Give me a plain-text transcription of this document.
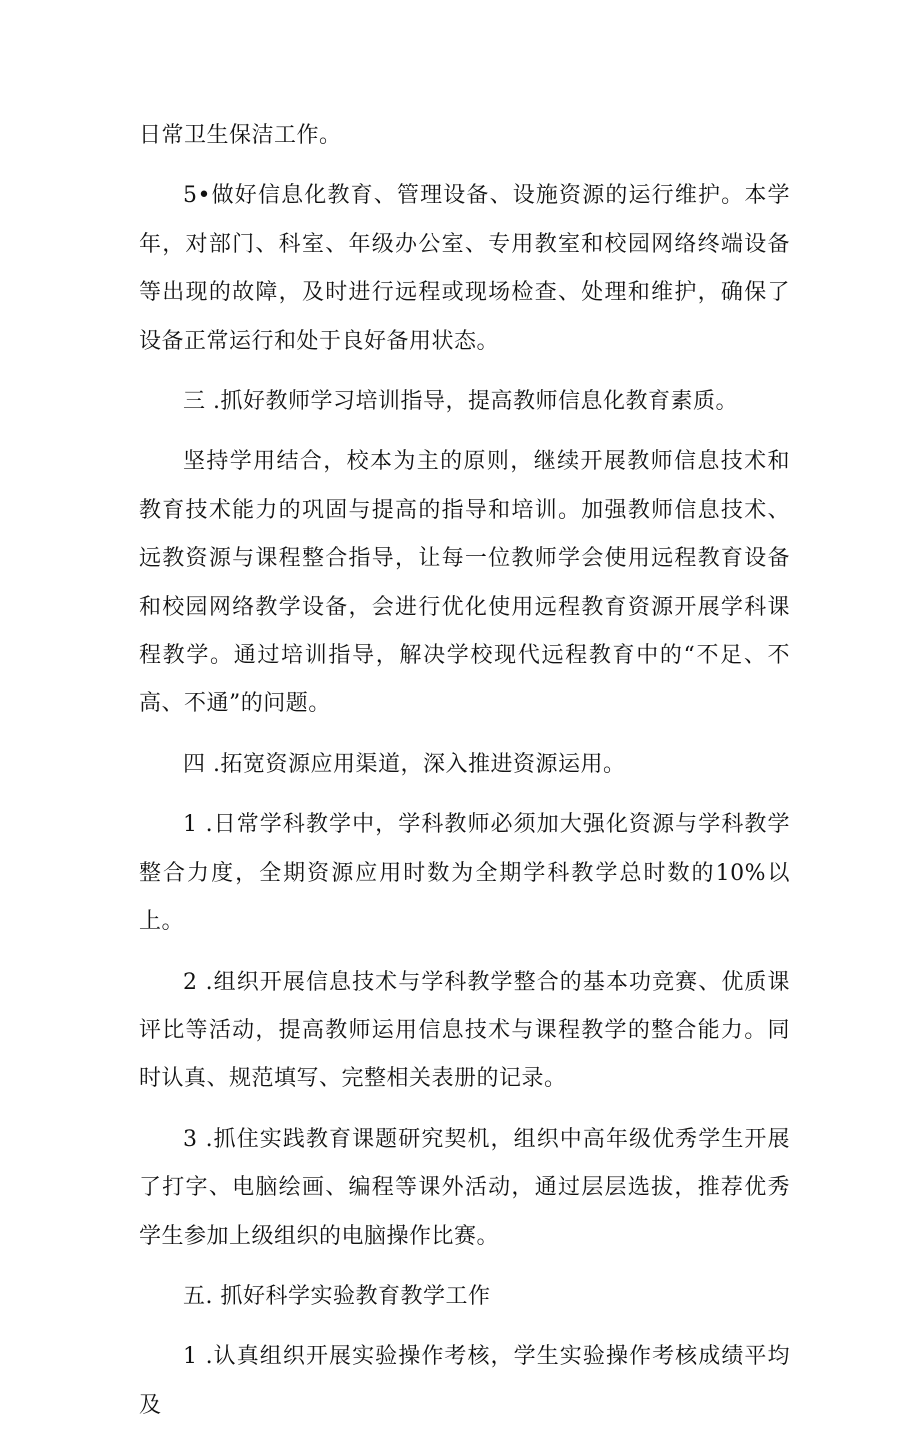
日常卫生保洁工作。

5•做好信息化教育、管理设备、设施资源的运行维护。本学年，对部门、科室、年级办公室、专用教室和校园网络终端设备等出现的故障，及时进行远程或现场检查、处理和维护，确保了设备正常运行和处于良好备用状态。

三 .抓好教师学习培训指导，提高教师信息化教育素质。

坚持学用结合，校本为主的原则，继续开展教师信息技术和教育技术能力的巩固与提高的指导和培训。加强教师信息技术、远教资源与课程整合指导，让每一位教师学会使用远程教育设备和校园网络教学设备，会进行优化使用远程教育资源开展学科课程教学。通过培训指导，解决学校现代远程教育中的“不足、不高、不通”的问题。

四 .拓宽资源应用渠道，深入推进资源运用。

1 .日常学科教学中，学科教师必须加大强化资源与学科教学整合力度，全期资源应用时数为全期学科教学总时数的10%以上。

2 .组织开展信息技术与学科教学整合的基本功竞赛、优质课评比等活动，提高教师运用信息技术与课程教学的整合能力。同时认真、规范填写、完整相关表册的记录。

3 .抓住实践教育课题研究契机，组织中高年级优秀学生开展了打字、电脑绘画、编程等课外活动，通过层层选拔，推荐优秀学生参加上级组织的电脑操作比赛。

五. 抓好科学实验教育教学工作

1 .认真组织开展实验操作考核，学生实验操作考核成绩平均及
